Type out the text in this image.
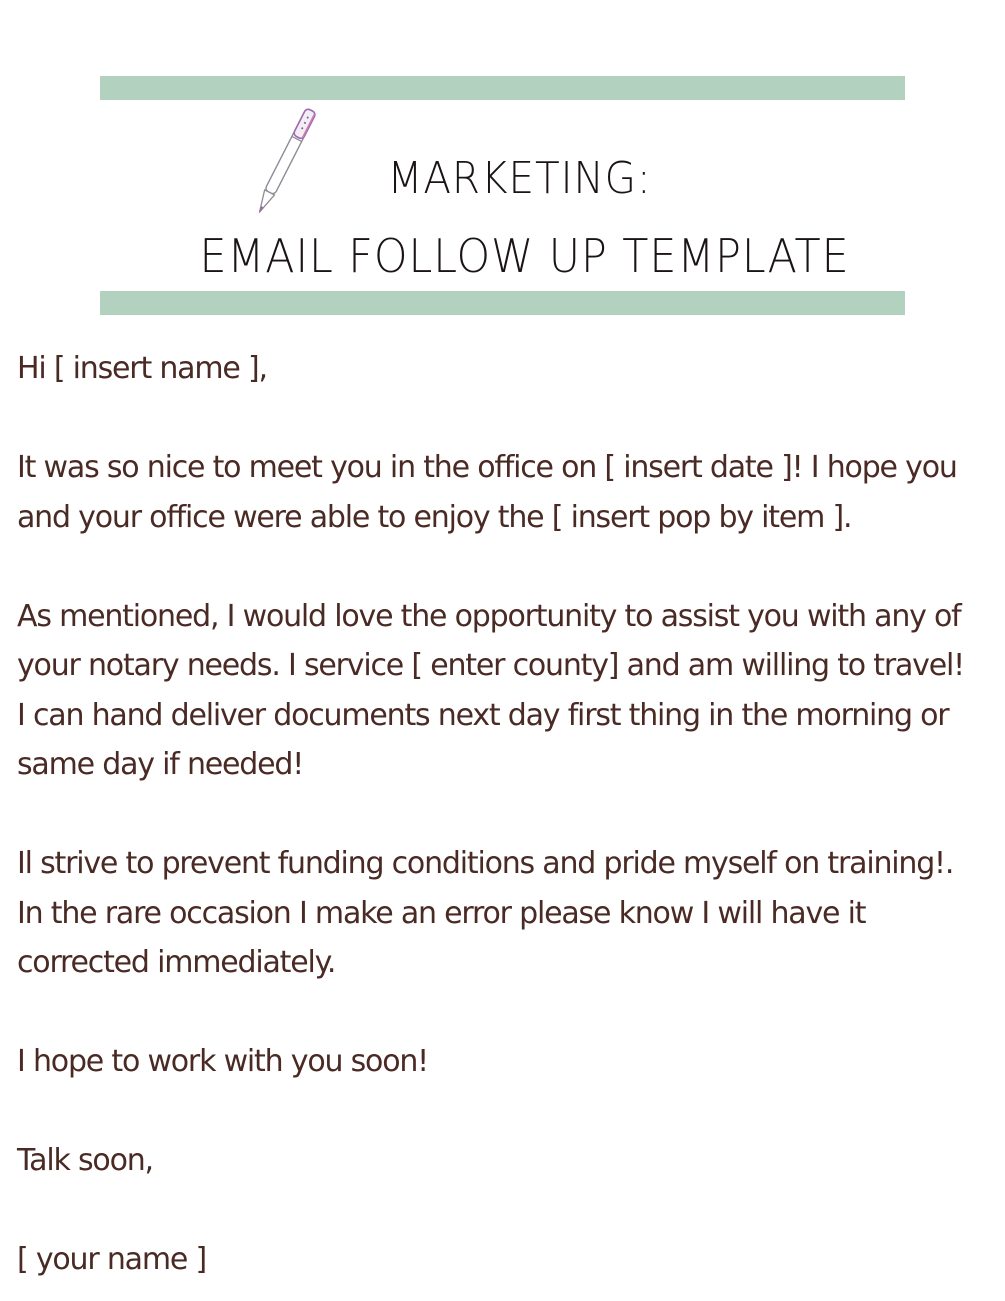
MARKETING:
EMAIL FOLLOW UP TEMPLATE

Hi [ insert name ],

It was so nice to meet you in the office on [ insert date ]! I hope you
and your office were able to enjoy the [ insert pop by item ].

As mentioned, I would love the opportunity to assist you with any of
your notary needs. I service [ enter county] and am willing to travel!
I can hand deliver documents next day first thing in the morning or
same day if needed!

Il strive to prevent funding conditions and pride myself on training!.
In the rare occasion I make an error please know I will have it
corrected immediately.

I hope to work with you soon!

Talk soon,

[ your name ]
